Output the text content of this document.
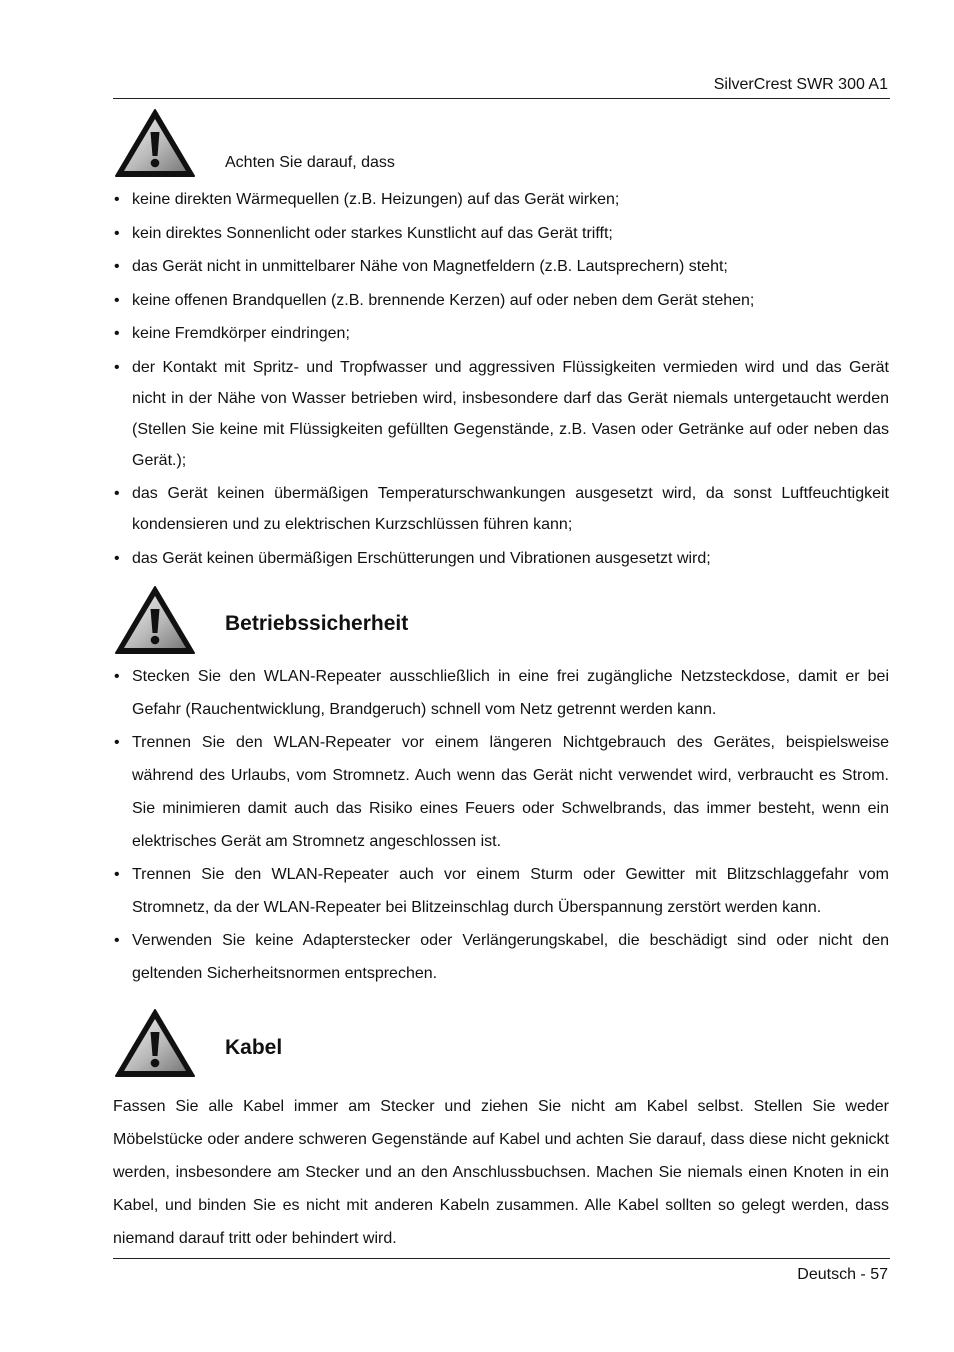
SilverCrest SWR 300 A1
Achten Sie darauf, dass
• keine direkten Wärmequellen (z.B. Heizungen) auf das Gerät wirken;
• kein direktes Sonnenlicht oder starkes Kunstlicht auf das Gerät trifft;
• das Gerät nicht in unmittelbarer Nähe von Magnetfeldern (z.B. Lautsprechern) steht;
• keine offenen Brandquellen (z.B. brennende Kerzen) auf oder neben dem Gerät stehen;
• keine Fremdkörper eindringen;
• der Kontakt mit Spritz- und Tropfwasser und aggressiven Flüssigkeiten vermieden wird und das Gerät nicht in der Nähe von Wasser betrieben wird, insbesondere darf das Gerät niemals untergetaucht werden (Stellen Sie keine mit Flüssigkeiten gefüllten Gegenstände, z.B. Vasen oder Getränke auf oder neben das Gerät.);
• das Gerät keinen übermäßigen Temperaturschwankungen ausgesetzt wird, da sonst Luftfeuchtigkeit kondensieren und zu elektrischen Kurzschlüssen führen kann;
• das Gerät keinen übermäßigen Erschütterungen und Vibrationen ausgesetzt wird;
Betriebssicherheit
• Stecken Sie den WLAN-Repeater ausschließlich in eine frei zugängliche Netzsteckdose, damit er bei Gefahr (Rauchentwicklung, Brandgeruch) schnell vom Netz getrennt werden kann.
• Trennen Sie den WLAN-Repeater vor einem längeren Nichtgebrauch des Gerätes, beispielsweise während des Urlaubs, vom Stromnetz. Auch wenn das Gerät nicht verwendet wird, verbraucht es Strom. Sie minimieren damit auch das Risiko eines Feuers oder Schwelbrands, das immer besteht, wenn ein elektrisches Gerät am Stromnetz angeschlossen ist.
• Trennen Sie den WLAN-Repeater auch vor einem Sturm oder Gewitter mit Blitzschlaggefahr vom Stromnetz, da der WLAN-Repeater bei Blitzeinschlag durch Überspannung zerstört werden kann.
• Verwenden Sie keine Adapterstecker oder Verlängerungskabel, die beschädigt sind oder nicht den geltenden Sicherheitsnormen entsprechen.
Kabel

Fassen Sie alle Kabel immer am Stecker und ziehen Sie nicht am Kabel selbst. Stellen Sie weder Möbelstücke oder andere schweren Gegenstände auf Kabel und achten Sie darauf, dass diese nicht geknickt werden, insbesondere am Stecker und an den Anschlussbuchsen. Machen Sie niemals einen Knoten in ein Kabel, und binden Sie es nicht mit anderen Kabeln zusammen. Alle Kabel sollten so gelegt werden, dass niemand darauf tritt oder behindert wird.

Deutsch - 57
